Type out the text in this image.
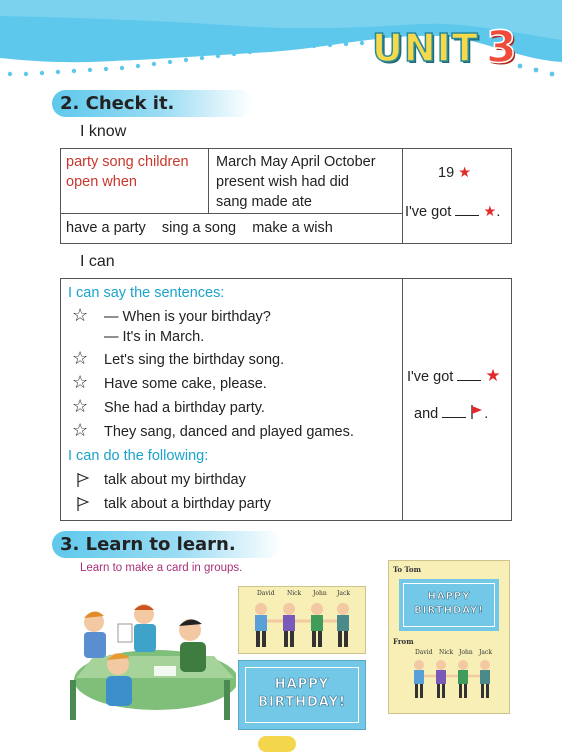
UNIT 3
2. Check it.
I know
party song children
open when
March May April October
present wish had did
sang made ate
have a party    sing a song    make a wish
19 ★
I've got ★.
I can
I can say the sentences:
☆ — When is your birthday?
— It's in March.
☆ Let's sing the birthday song.
☆ Have some cake, please.
☆ She had a birthday party.
☆ They sang, danced and played games.
I can do the following:
talk about my birthday
talk about a birthday party
I've got ★
and	.
3. Learn to learn.
Learn to make a card in groups.
David Nick John Jack
HAPPY
BIRTHDAY!
To Tom
HAPPY
BIRTHDAY!
From
David Nick John Jack
